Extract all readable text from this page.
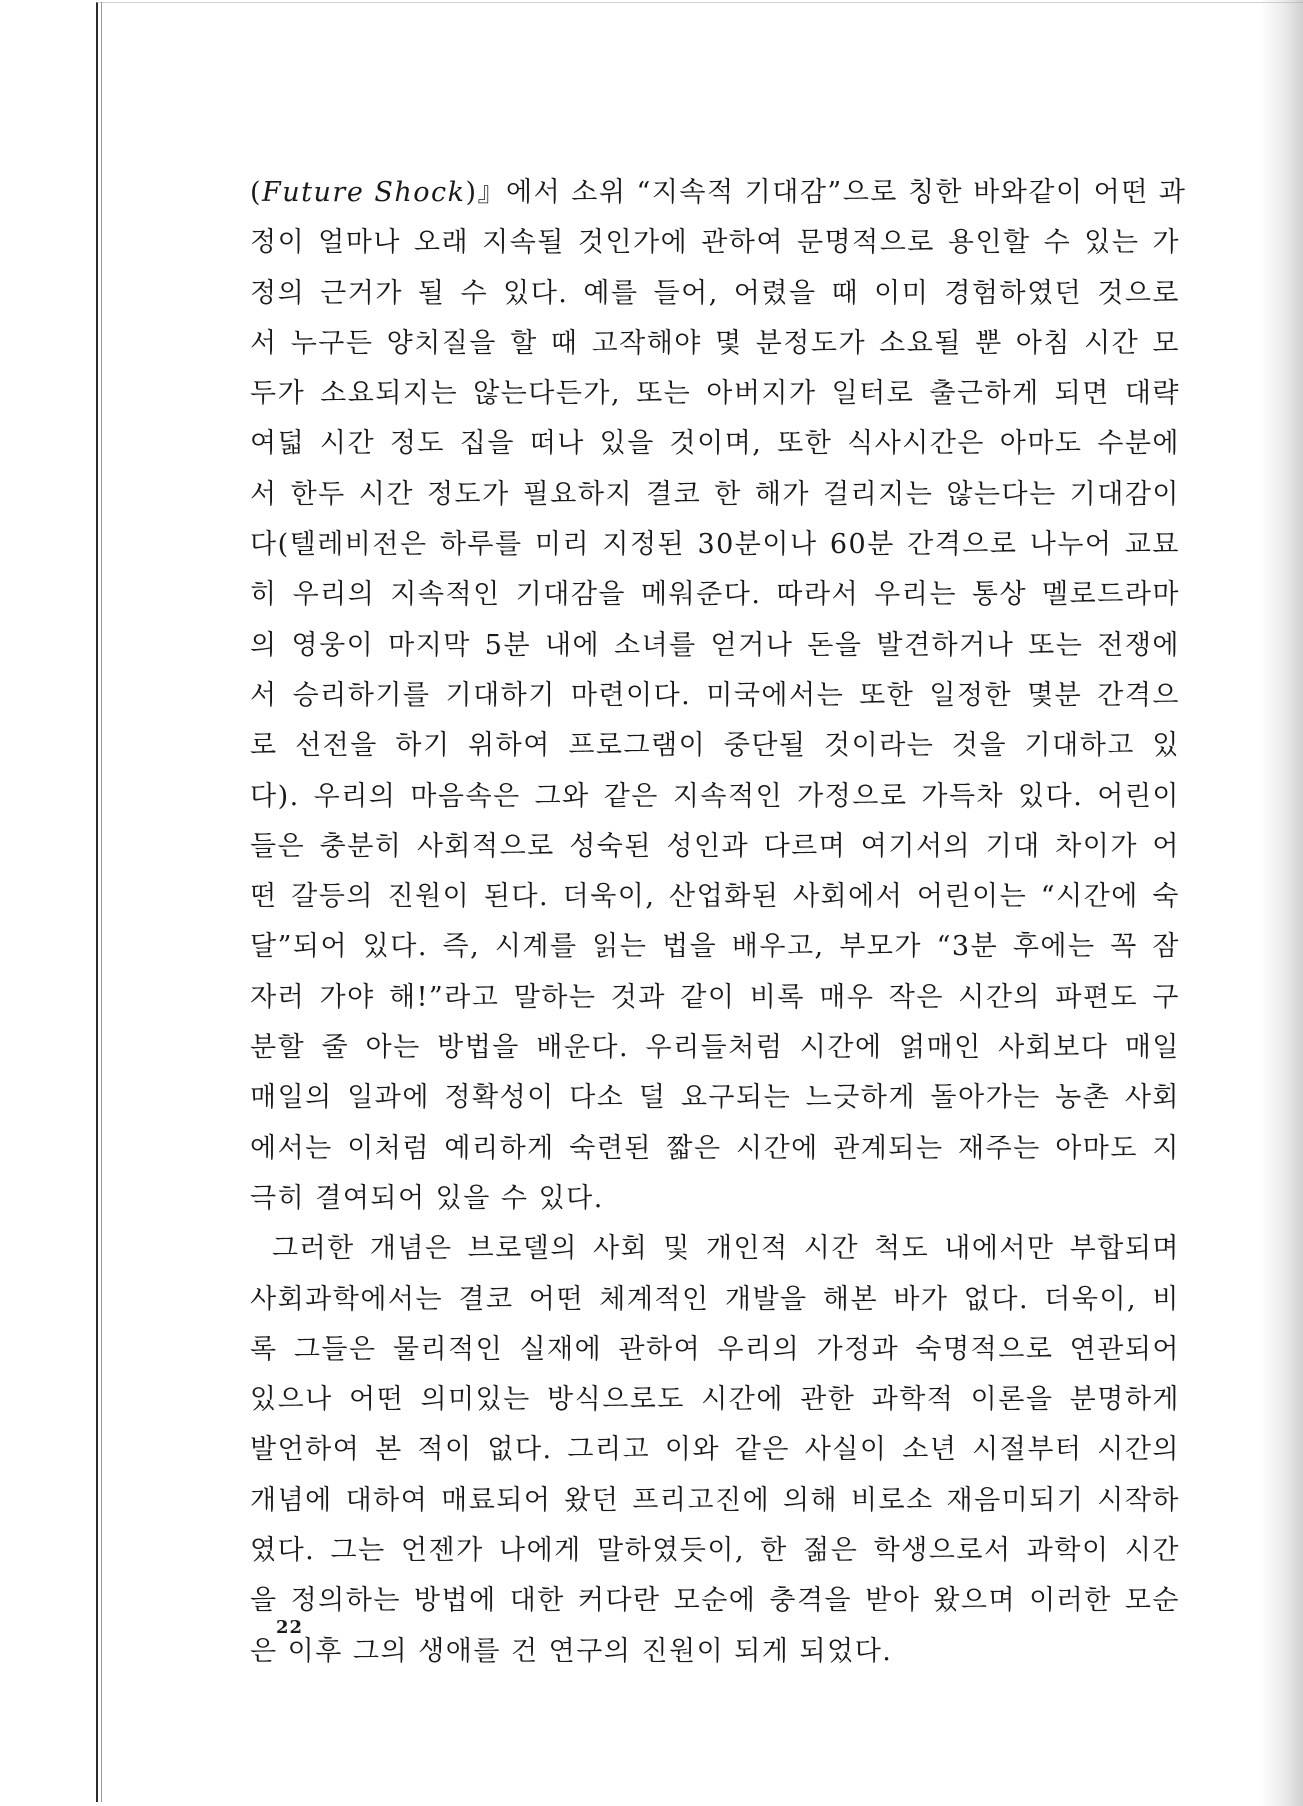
(Future Shock)』에서 소위 “지속적 기대감”으로 칭한 바와같이 어떤 과
정이 얼마나 오래 지속될 것인가에 관하여 문명적으로 용인할 수 있는 가
정의 근거가 될 수 있다. 예를 들어, 어렸을 때 이미 경험하였던 것으로
서 누구든 양치질을 할 때 고작해야 몇 분정도가 소요될 뿐 아침 시간 모
두가 소요되지는 않는다든가, 또는 아버지가 일터로 출근하게 되면 대략
여덟 시간 정도 집을 떠나 있을 것이며, 또한 식사시간은 아마도 수분에
서 한두 시간 정도가 필요하지 결코 한 해가 걸리지는 않는다는 기대감이
다(텔레비전은 하루를 미리 지정된 30분이나 60분 간격으로 나누어 교묘
히 우리의 지속적인 기대감을 메워준다. 따라서 우리는 통상 멜로드라마
의 영웅이 마지막 5분 내에 소녀를 얻거나 돈을 발견하거나 또는 전쟁에
서 승리하기를 기대하기 마련이다. 미국에서는 또한 일정한 몇분 간격으
로 선전을 하기 위하여 프로그램이 중단될 것이라는 것을 기대하고 있
다). 우리의 마음속은 그와 같은 지속적인 가정으로 가득차 있다. 어린이
들은 충분히 사회적으로 성숙된 성인과 다르며 여기서의 기대 차이가 어
떤 갈등의 진원이 된다. 더욱이, 산업화된 사회에서 어린이는 “시간에 숙
달”되어 있다. 즉, 시계를 읽는 법을 배우고, 부모가 “3분 후에는 꼭 잠
자러 가야 해!”라고 말하는 것과 같이 비록 매우 작은 시간의 파편도 구
분할 줄 아는 방법을 배운다. 우리들처럼 시간에 얽매인 사회보다 매일
매일의 일과에 정확성이 다소 덜 요구되는 느긋하게 돌아가는 농촌 사회
에서는 이처럼 예리하게 숙련된 짧은 시간에 관계되는 재주는 아마도 지
극히 결여되어 있을 수 있다.
그러한 개념은 브로델의 사회 및 개인적 시간 척도 내에서만 부합되며
사회과학에서는 결코 어떤 체계적인 개발을 해본 바가 없다. 더욱이, 비
록 그들은 물리적인 실재에 관하여 우리의 가정과 숙명적으로 연관되어
있으나 어떤 의미있는 방식으로도 시간에 관한 과학적 이론을 분명하게
발언하여 본 적이 없다. 그리고 이와 같은 사실이 소년 시절부터 시간의
개념에 대하여 매료되어 왔던 프리고진에 의해 비로소 재음미되기 시작하
였다. 그는 언젠가 나에게 말하였듯이, 한 젊은 학생으로서 과학이 시간
을 정의하는 방법에 대한 커다란 모순에 충격을 받아 왔으며 이러한 모순
은 이후 그의 생애를 건 연구의 진원이 되게 되었다.
22
